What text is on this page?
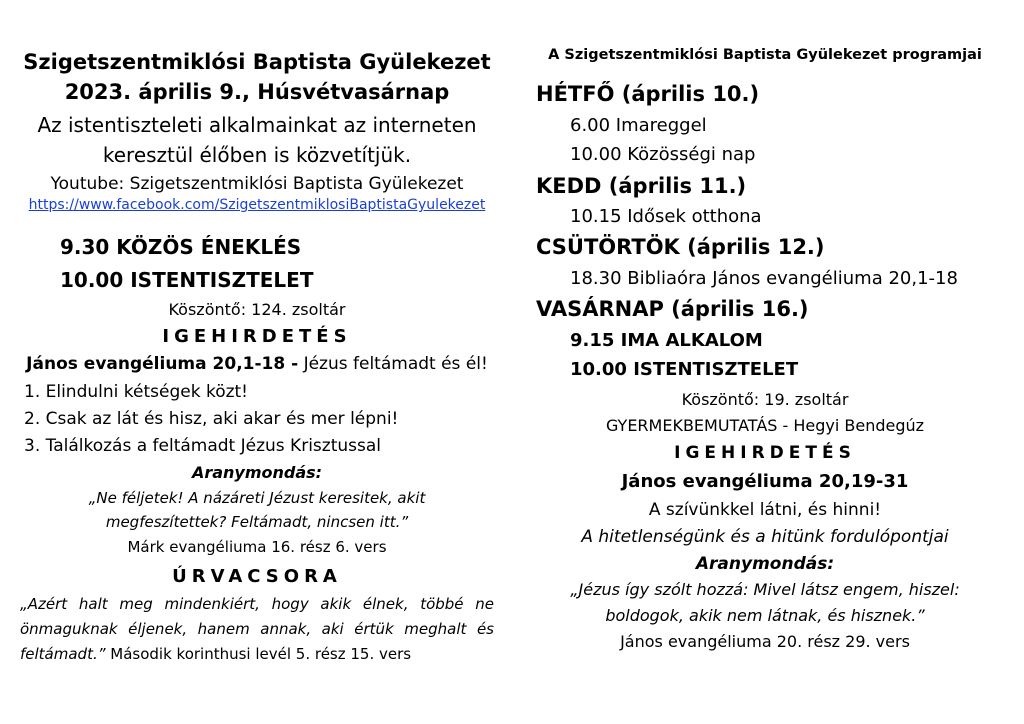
Szigetszentmiklósi Baptista Gyülekezet
2023. április 9., Húsvétvasárnap
Az istentiszteleti alkalmainkat az interneten
keresztül élőben is közvetítjük.
Youtube: Szigetszentmiklósi Baptista Gyülekezet
https://www.facebook.com/SzigetszentmiklosiBaptistaGyulekezet
9.30 KÖZÖS ÉNEKLÉS
10.00 ISTENTISZTELET
Köszöntő: 124. zsoltár
IGEHIRDETÉS
János evangéliuma 20,1-18 - Jézus feltámadt és él!
1. Elindulni kétségek közt!
2. Csak az lát és hisz, aki akar és mer lépni!
3. Találkozás a feltámadt Jézus Krisztussal
Aranymondás:
„Ne féljetek! A názáreti Jézust keresitek, akit
megfeszítettek? Feltámadt, nincsen itt.”
Márk evangéliuma 16. rész 6. vers
ÚRVACSORA
„Azért halt meg mindenkiért, hogy akik élnek, többé ne
önmaguknak éljenek, hanem annak, aki értük meghalt és
feltámadt.” Második korinthusi levél 5. rész 15. vers
A Szigetszentmiklósi Baptista Gyülekezet programjai
HÉTFŐ (április 10.)
6.00 Imareggel
10.00 Közösségi nap
KEDD (április 11.)
10.15 Idősek otthona
CSÜTÖRTÖK (április 12.)
18.30 Bibliaóra János evangéliuma 20,1-18
VASÁRNAP (április 16.)
9.15 IMA ALKALOM
10.00 ISTENTISZTELET
Köszöntő: 19. zsoltár
GYERMEKBEMUTATÁS - Hegyi Bendegúz
IGEHIRDETÉS
János evangéliuma 20,19-31
A szívünkkel látni, és hinni!
A hitetlenségünk és a hitünk fordulópontjai
Aranymondás:
„Jézus így szólt hozzá: Mivel látsz engem, hiszel:
boldogok, akik nem látnak, és hisznek.”
János evangéliuma 20. rész 29. vers
